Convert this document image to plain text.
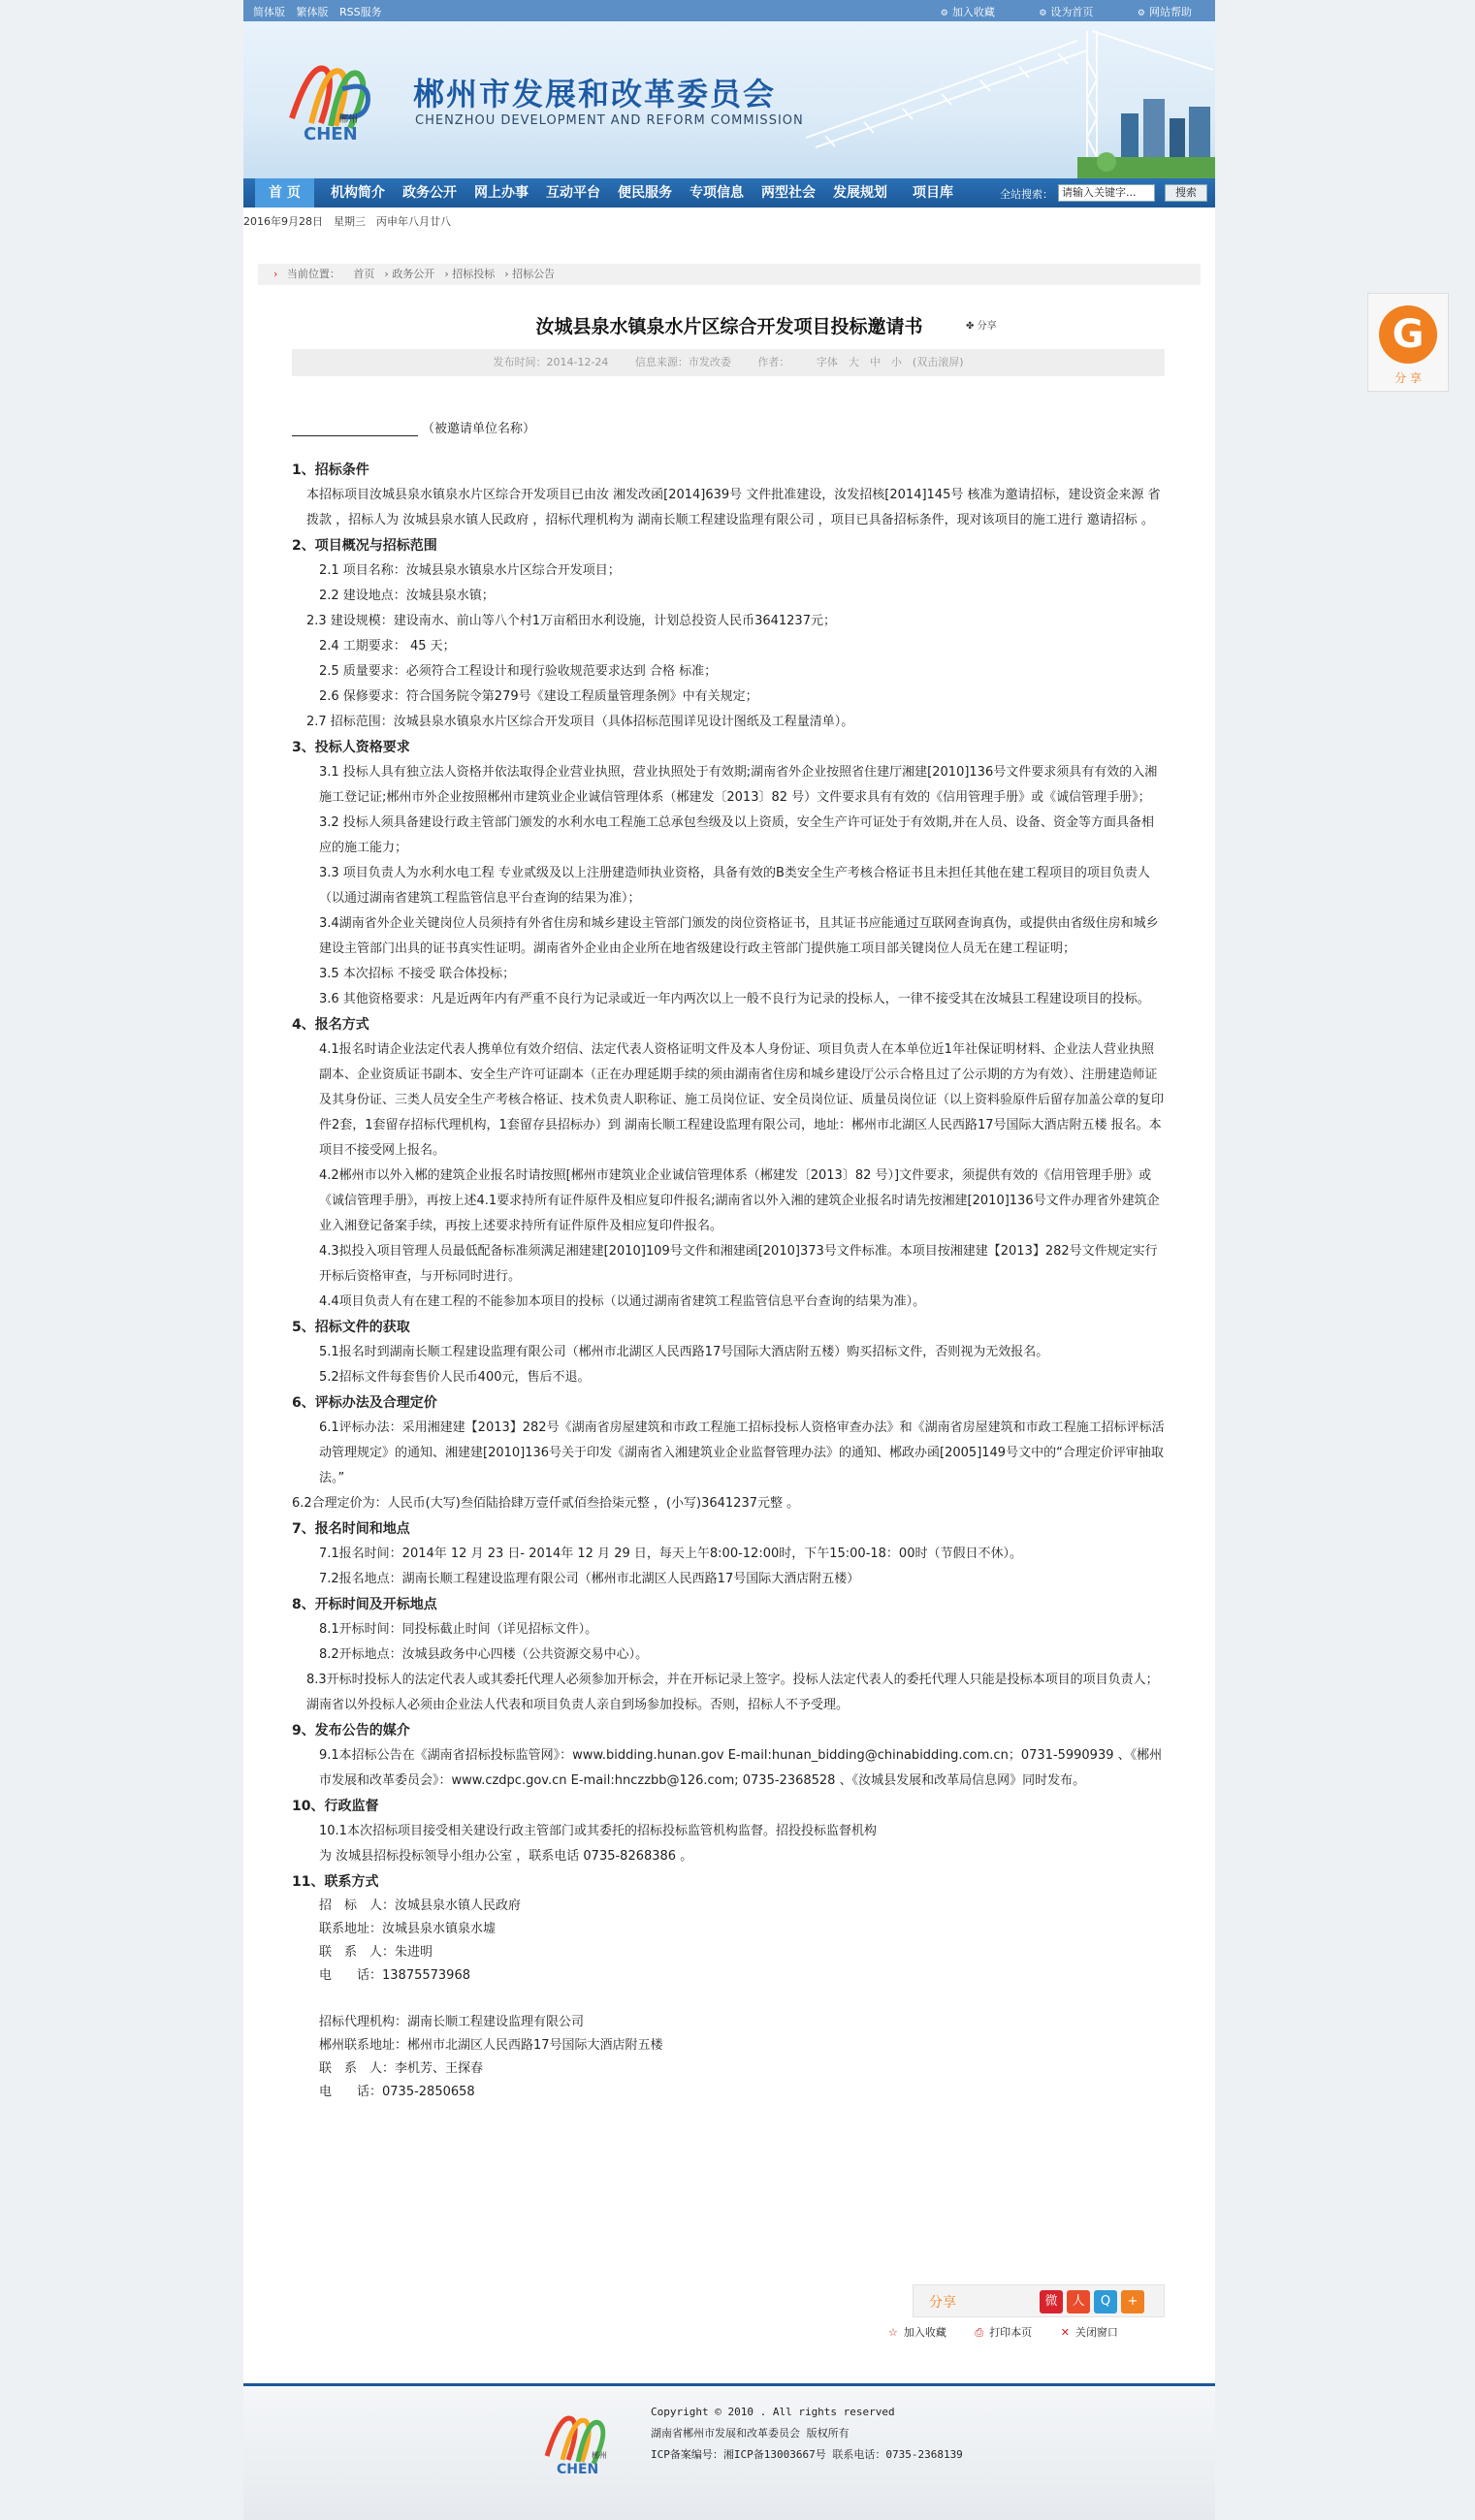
简体版 繁体版 RSS服务	⚙ 加入收藏	⚙ 设为首页	⚙ 网站帮助
郴州
CHEN
郴州市发展和改革委员会
CHENZHOU DEVELOPMENT AND REFORM COMMISSION
首 页	机构简介 政务公开 网上办事 互动平台 便民服务 专项信息 两型社会 发展规划 项目库	全站搜索： 请输入关键字...	搜索
2016年9月28日　星期三　丙申年八月廿八
› 当前位置： 首页 › 政务公开 › 招标投标 › 招标公告
汝城县泉水镇泉水片区综合开发项目投标邀请书	✤ 分享
发布时间：2014-12-24	信息来源：市发改委	作者：	字体　大　中　小　(双击滚屏)

（被邀请单位名称）

1、招标条件

本招标项目汝城县泉水镇泉水片区综合开发项目已由汝 湘发改函[2014]639号 文件批准建设，汝发招核[2014]145号 核准为邀请招标，建设资金来源 省拨款 ，招标人为 汝城县泉水镇人民政府 ，招标代理机构为 湖南长顺工程建设监理有限公司 ，项目已具备招标条件，现对该项目的施工进行 邀请招标 。

2、项目概况与招标范围

2.1 项目名称：汝城县泉水镇泉水片区综合开发项目；

2.2 建设地点：汝城县泉水镇；

2.3 建设规模：建设南水、前山等八个村1万亩稻田水利设施，计划总投资人民币3641237元；

2.4 工期要求： 45 天；

2.5 质量要求：必须符合工程设计和现行验收规范要求达到 合格 标准；

2.6 保修要求：符合国务院令第279号《建设工程质量管理条例》中有关规定；

2.7 招标范围：汝城县泉水镇泉水片区综合开发项目（具体招标范围详见设计图纸及工程量清单）。

3、投标人资格要求

3.1 投标人具有独立法人资格并依法取得企业营业执照，营业执照处于有效期;湖南省外企业按照省住建厅湘建[2010]136号文件要求须具有有效的入湘施工登记证;郴州市外企业按照郴州市建筑业企业诚信管理体系（郴建发〔2013〕82 号）文件要求具有有效的《信用管理手册》或《诚信管理手册》；

3.2 投标人须具备建设行政主管部门颁发的水利水电工程施工总承包叁级及以上资质，安全生产许可证处于有效期,并在人员、设备、资金等方面具备相应的施工能力；

3.3 项目负责人为水利水电工程 专业贰级及以上注册建造师执业资格，具备有效的B类安全生产考核合格证书且未担任其他在建工程项目的项目负责人（以通过湖南省建筑工程监管信息平台查询的结果为准）；

3.4湖南省外企业关键岗位人员须持有外省住房和城乡建设主管部门颁发的岗位资格证书，且其证书应能通过互联网查询真伪，或提供由省级住房和城乡建设主管部门出具的证书真实性证明。湖南省外企业由企业所在地省级建设行政主管部门提供施工项目部关键岗位人员无在建工程证明；

3.5 本次招标 不接受 联合体投标；

3.6 其他资格要求：凡是近两年内有严重不良行为记录或近一年内两次以上一般不良行为记录的投标人，一律不接受其在汝城县工程建设项目的投标。

4、报名方式

4.1报名时请企业法定代表人携单位有效介绍信、法定代表人资格证明文件及本人身份证、项目负责人在本单位近1年社保证明材料、企业法人营业执照副本、企业资质证书副本、安全生产许可证副本（正在办理延期手续的须由湖南省住房和城乡建设厅公示合格且过了公示期的方为有效）、注册建造师证及其身份证、三类人员安全生产考核合格证、技术负责人职称证、施工员岗位证、安全员岗位证、质量员岗位证（以上资料验原件后留存加盖公章的复印件2套，1套留存招标代理机构，1套留存县招标办）到 湖南长顺工程建设监理有限公司，地址：郴州市北湖区人民西路17号国际大酒店附五楼 报名。本项目不接受网上报名。

4.2郴州市以外入郴的建筑企业报名时请按照[郴州市建筑业企业诚信管理体系（郴建发〔2013〕82 号）]文件要求，须提供有效的《信用管理手册》或《诚信管理手册》，再按上述4.1要求持所有证件原件及相应复印件报名;湖南省以外入湘的建筑企业报名时请先按湘建[2010]136号文件办理省外建筑企业入湘登记备案手续，再按上述要求持所有证件原件及相应复印件报名。

4.3拟投入项目管理人员最低配备标准须满足湘建建[2010]109号文件和湘建函[2010]373号文件标准。本项目按湘建建【2013】282号文件规定实行开标后资格审查，与开标同时进行。

4.4项目负责人有在建工程的不能参加本项目的投标（以通过湖南省建筑工程监管信息平台查询的结果为准）。

5、招标文件的获取

5.1报名时到湖南长顺工程建设监理有限公司（郴州市北湖区人民西路17号国际大酒店附五楼）购买招标文件，否则视为无效报名。

5.2招标文件每套售价人民币400元，售后不退。

6、评标办法及合理定价

6.1评标办法：采用湘建建【2013】282号《湖南省房屋建筑和市政工程施工招标投标人资格审查办法》和《湖南省房屋建筑和市政工程施工招标评标活动管理规定》的通知、湘建建[2010]136号关于印发《湖南省入湘建筑业企业监督管理办法》的通知、郴政办函[2005]149号文中的“合理定价评审抽取法。”

6.2合理定价为：人民币(大写)叁佰陆拾肆万壹仟贰佰叁拾柒元整 ，(小写)3641237元整 。

7、报名时间和地点

7.1报名时间：2014年 12 月 23 日- 2014年 12 月 29 日，每天上午8:00-12:00时，下午15:00-18：00时（节假日不休）。

7.2报名地点：湖南长顺工程建设监理有限公司（郴州市北湖区人民西路17号国际大酒店附五楼）

8、开标时间及开标地点

8.1开标时间：同投标截止时间（详见招标文件）。

8.2开标地点：汝城县政务中心四楼（公共资源交易中心）。

8.3开标时投标人的法定代表人或其委托代理人必须参加开标会，并在开标记录上签字。投标人法定代表人的委托代理人只能是投标本项目的项目负责人；湖南省以外投标人必须由企业法人代表和项目负责人亲自到场参加投标。否则，招标人不予受理。

9、发布公告的媒介

9.1本招标公告在《湖南省招标投标监管网》：www.bidding.hunan.gov E-mail:hunan_bidding@chinabidding.com.cn；0731-5990939 、《郴州市发展和改革委员会》：www.czdpc.gov.cn E-mail:hnczzbb@126.com; 0735-2368528 、《汝城县发展和改革局信息网》同时发布。

10、行政监督

10.1本次招标项目接受相关建设行政主管部门或其委托的招标投标监管机构监督。招投投标监督机构

为 汝城县招标投标领导小组办公室 ，联系电话 0735-8268386 。

11、联系方式

招　标　人：汝城县泉水镇人民政府

联系地址：汝城县泉水镇泉水墟

联　系　人：朱进明

电　　话：13875573968

招标代理机构：湖南长顺工程建设监理有限公司

郴州联系地址：郴州市北湖区人民西路17号国际大酒店附五楼

联　系　人：李机芳、王探春

电　　话：0735-2850658

分享	微	人	Q	+
☆ 加入收藏	⎙ 打印本页	✕ 关闭窗口
郴州
CHEN
Copyright © 2010 . All rights reserved
湖南省郴州市发展和改革委员会 版权所有
ICP备案编号：湘ICP备13003667号 联系电话：0735-2368139
G
分 享
